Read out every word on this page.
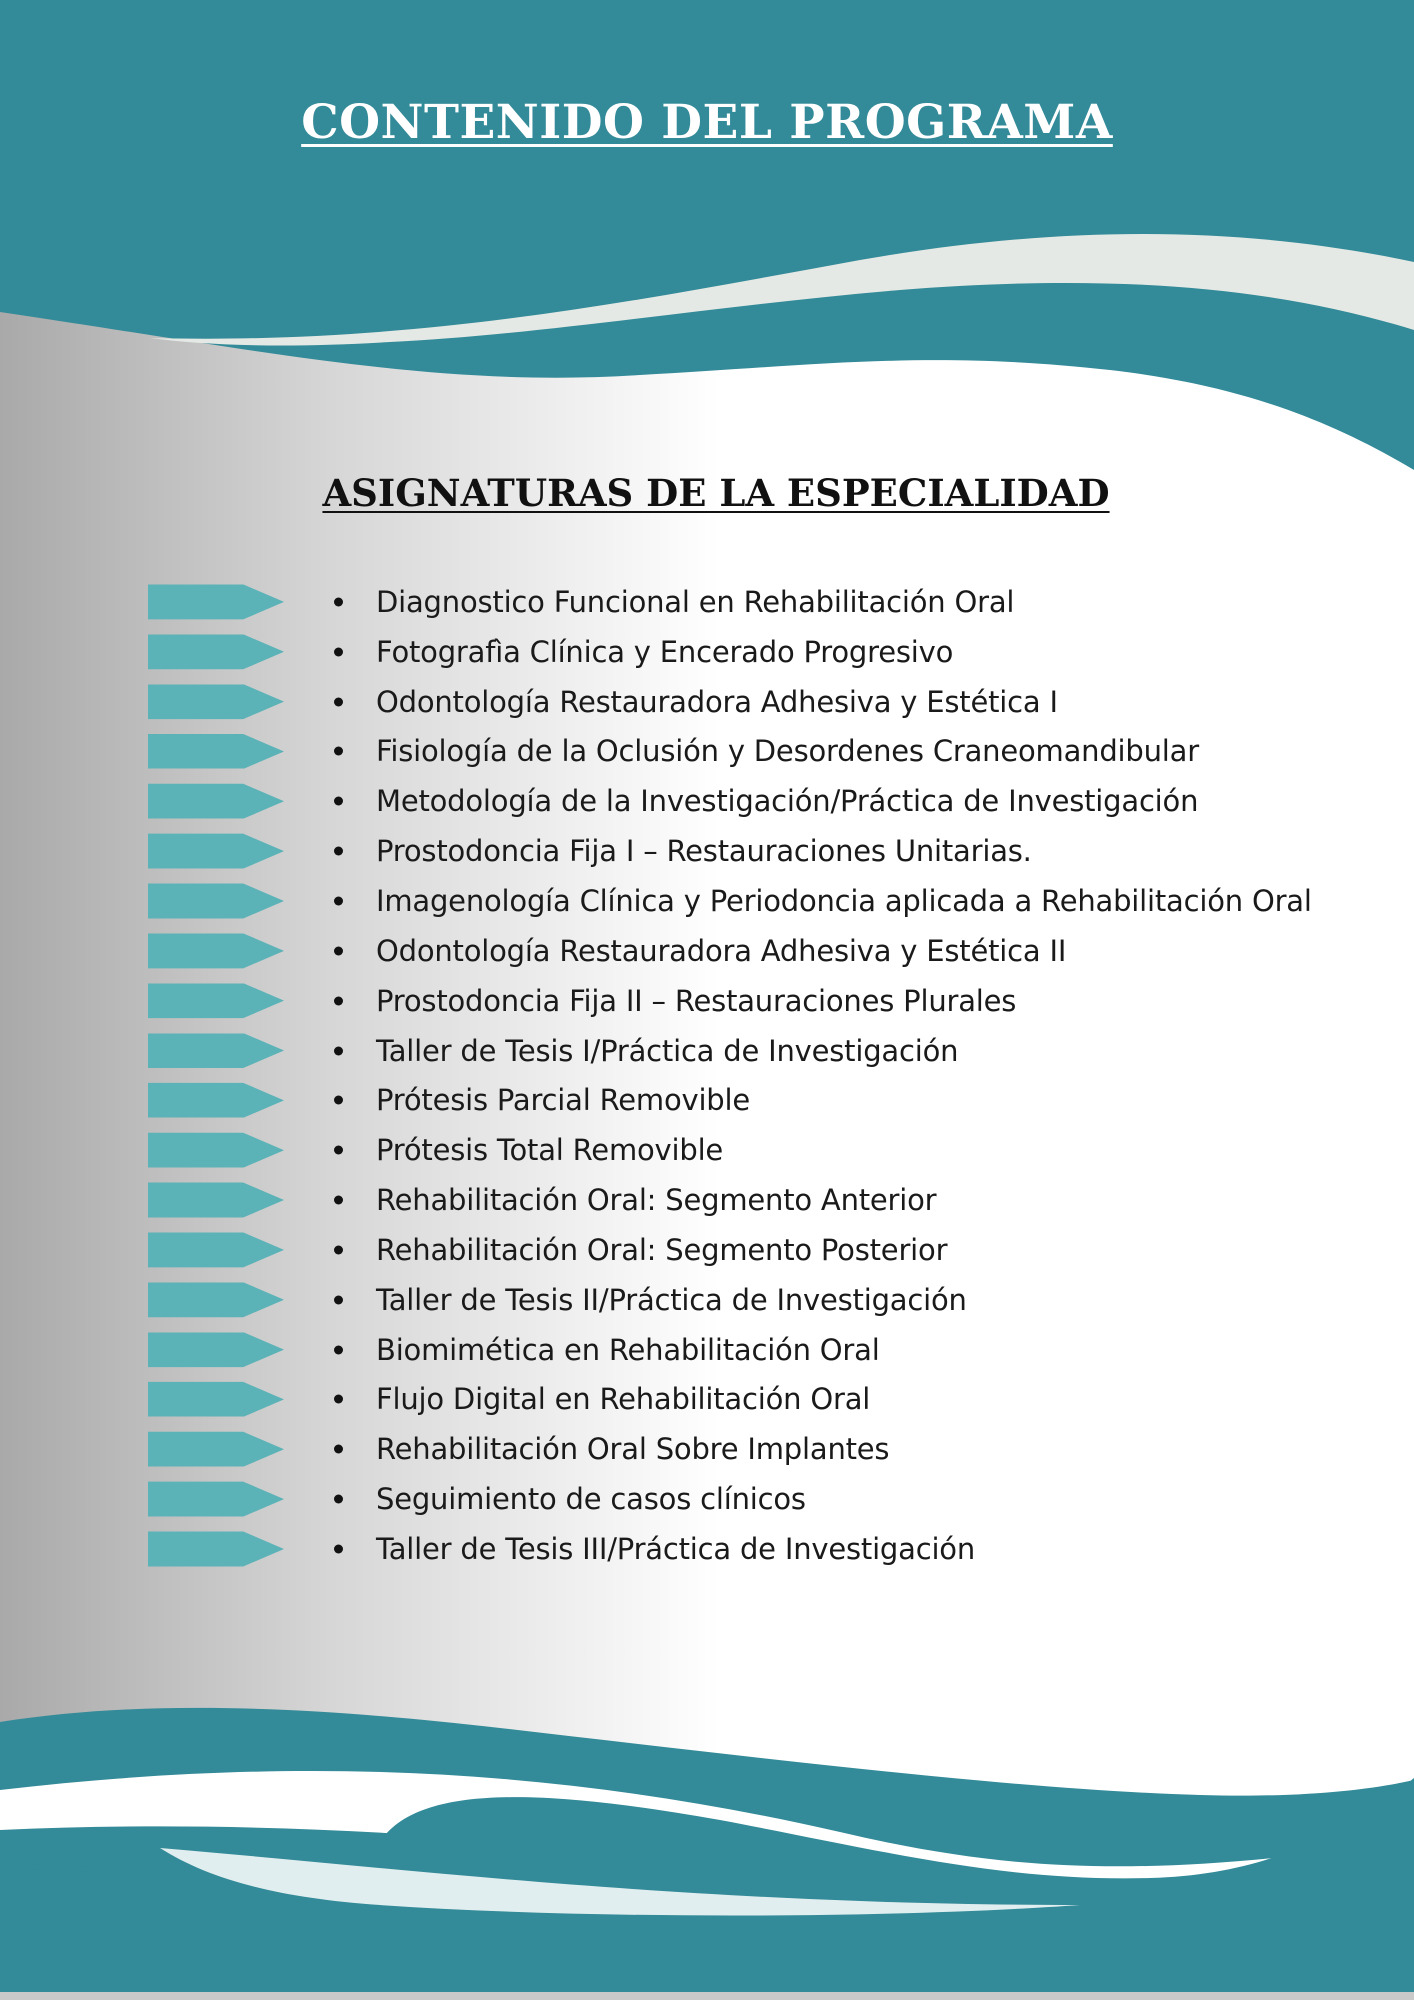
CONTENIDO DEL PROGRAMA
ASIGNATURAS DE LA ESPECIALIDAD
Diagnostico Funcional en Rehabilitación Oral
Fotografìa Clínica y Encerado Progresivo
Odontología Restauradora Adhesiva y Estética I
Fisiología de la Oclusión y Desordenes Craneomandibular
Metodología de la Investigación/Práctica de Investigación
Prostodoncia Fija I – Restauraciones Unitarias.
Imagenología Clínica y Periodoncia aplicada a Rehabilitación Oral
Odontología Restauradora Adhesiva y Estética II
Prostodoncia Fija II – Restauraciones Plurales
Taller de Tesis I/Práctica de Investigación
Prótesis Parcial Removible
Prótesis Total Removible
Rehabilitación Oral: Segmento Anterior
Rehabilitación Oral: Segmento Posterior
Taller de Tesis II/Práctica de Investigación
Biomimética en Rehabilitación Oral
Flujo Digital en Rehabilitación Oral
Rehabilitación Oral Sobre Implantes
Seguimiento de casos clínicos
Taller de Tesis III/Práctica de Investigación
